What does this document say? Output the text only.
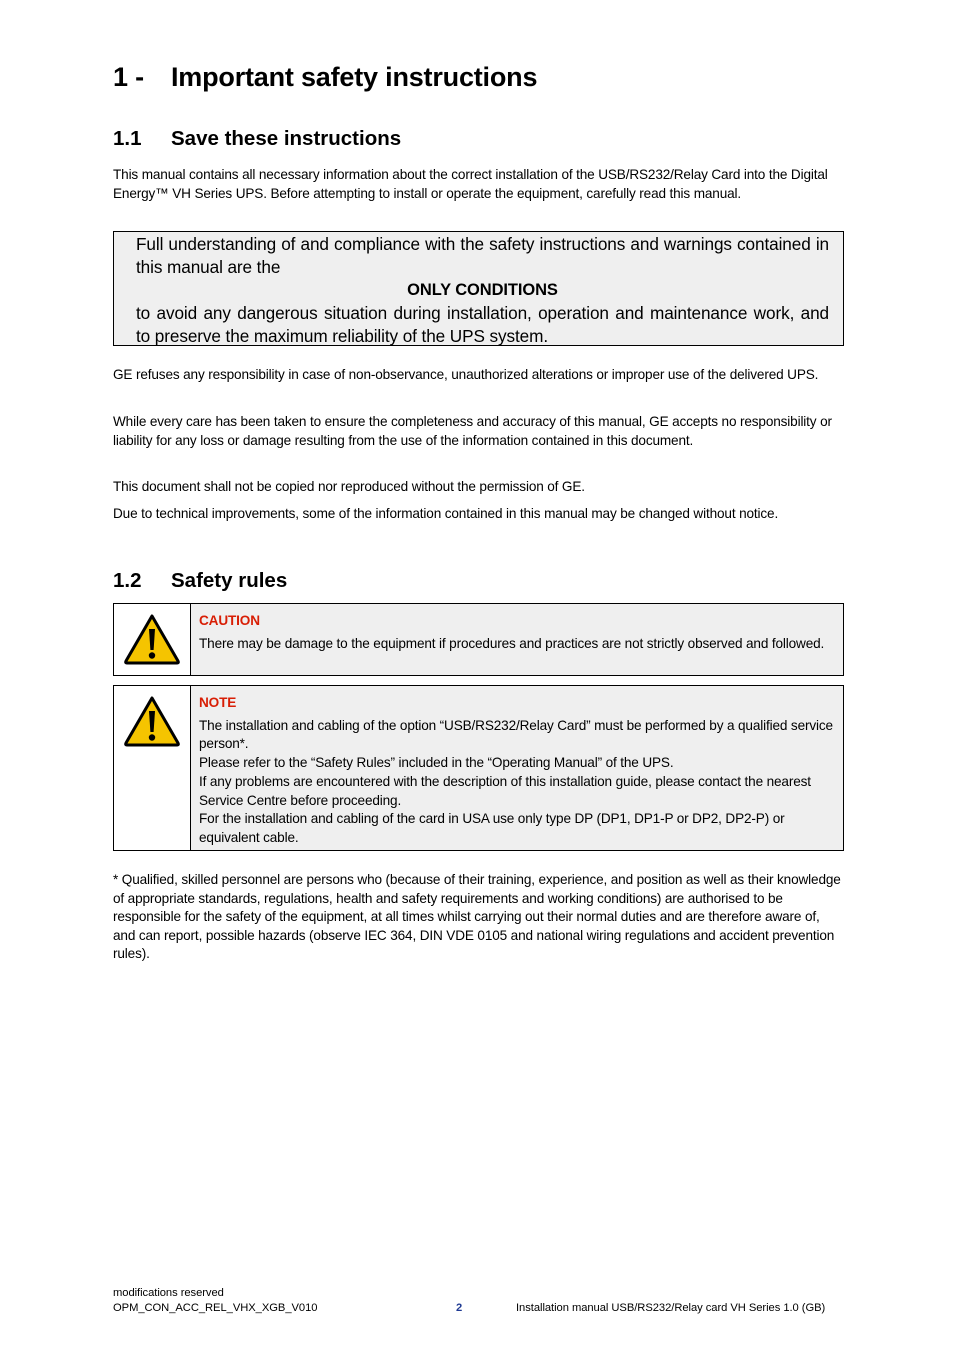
1 - Important safety instructions
1.1 Save these instructions

This manual contains all necessary information about the correct installation of the USB/RS232/Relay Card into the Digital Energy™ VH Series UPS. Before attempting to install or operate the equipment, carefully read this manual.

Full understanding of and compliance with the safety instructions and warnings contained in this manual are the

ONLY CONDITIONS

to avoid any dangerous situation during installation, operation and maintenance work, and to preserve the maximum reliability of the UPS system.

GE refuses any responsibility in case of non-observance, unauthorized alterations or improper use of the delivered UPS.

While every care has been taken to ensure the completeness and accuracy of this manual, GE accepts no responsibility or liability for any loss or damage resulting from the use of the information contained in this document.

This document shall not be copied nor reproduced without the permission of GE.

Due to technical improvements, some of the information contained in this manual may be changed without notice.

1.2 Safety rules
CAUTION
There may be damage to the equipment if procedures and practices are not strictly observed and followed.
NOTE
The installation and cabling of the option “USB/RS232/Relay Card” must be performed by a qualified service person*.
Please refer to the “Safety Rules” included in the “Operating Manual” of the UPS.
If any problems are encountered with the description of this installation guide, please contact the nearest Service Centre before proceeding.
For the installation and cabling of the card in USA use only type DP (DP1, DP1-P or DP2, DP2-P) or equivalent cable.

* Qualified, skilled personnel are persons who (because of their training, experience, and position as well as their knowledge of appropriate standards, regulations, health and safety requirements and working conditions) are authorised to be responsible for the safety of the equipment, at all times whilst carrying out their normal duties and are therefore aware of, and can report, possible hazards (observe IEC 364, DIN VDE 0105 and national wiring regulations and accident prevention rules).

modifications reserved
OPM_CON_ACC_REL_VHX_XGB_V010	2	Installation manual USB/RS232/Relay card VH Series 1.0 (GB)
